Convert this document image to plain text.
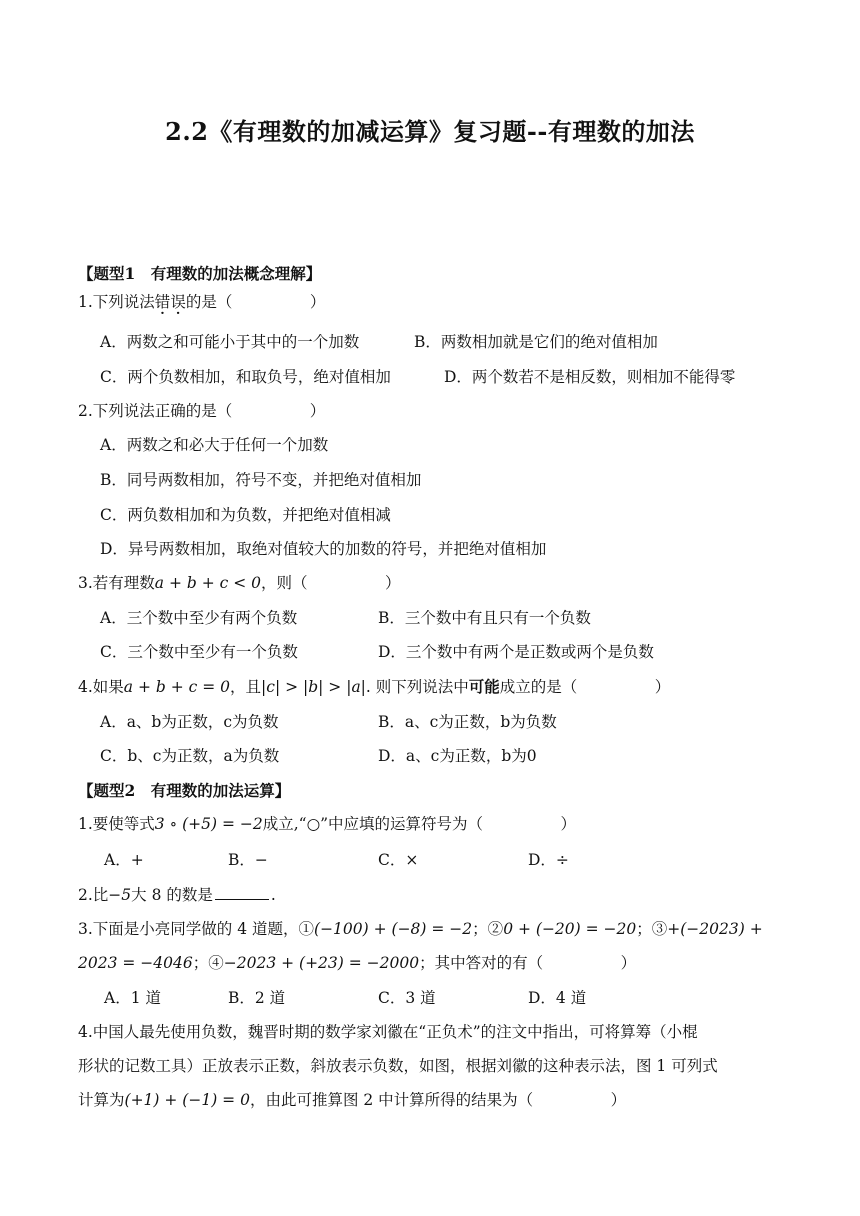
2.2《有理数的加减运算》复习题--有理数的加法
【题型1　有理数的加法概念理解】
1.下列说法错误的是（　　　　　）
A．两数之和可能小于其中的一个加数	B．两数相加就是它们的绝对值相加
C．两个负数相加，和取负号，绝对值相加	D．两个数若不是相反数，则相加不能得零
2.下列说法正确的是（　　　　　）
A．两数之和必大于任何一个加数
B．同号两数相加，符号不变，并把绝对值相加
C．两负数相加和为负数，并把绝对值相减
D．异号两数相加，取绝对值较大的加数的符号，并把绝对值相加
3.若有理数a + b + c < 0，则（　　　　　）
A．三个数中至少有两个负数	B．三个数中有且只有一个负数
C．三个数中至少有一个负数	D．三个数中有两个是正数或两个是负数
4.如果a + b + c = 0，且|c| > |b| > |a|. 则下列说法中可能成立的是（　　　　　）
A．a、b为正数，c为负数	B．a、c为正数，b为负数
C．b、c为正数，a为负数	D．a、c为正数，b为0
【题型2　有理数的加法运算】
1.要使等式3 ∘ (+5) = −2成立,“○”中应填的运算符号为（　　　　　）
A．+	B．−	C．×	D．÷
2.比−5大 8 的数是	.
3.下面是小亮同学做的 4 道题，①(−100) + (−8) = −2；②0 + (−20) = −20；③+(−2023) +
2023 = −4046；④−2023 + (+23) = −2000；其中答对的有（　　　　　）
A．1 道	B．2 道	C．3 道	D．4 道
4.中国人最先使用负数，魏晋时期的数学家刘徽在“正负术”的注文中指出，可将算筹（小棍
形状的记数工具）正放表示正数，斜放表示负数，如图，根据刘徽的这种表示法，图 1 可列式
计算为(+1) + (−1) = 0，由此可推算图 2 中计算所得的结果为（　　　　　）
